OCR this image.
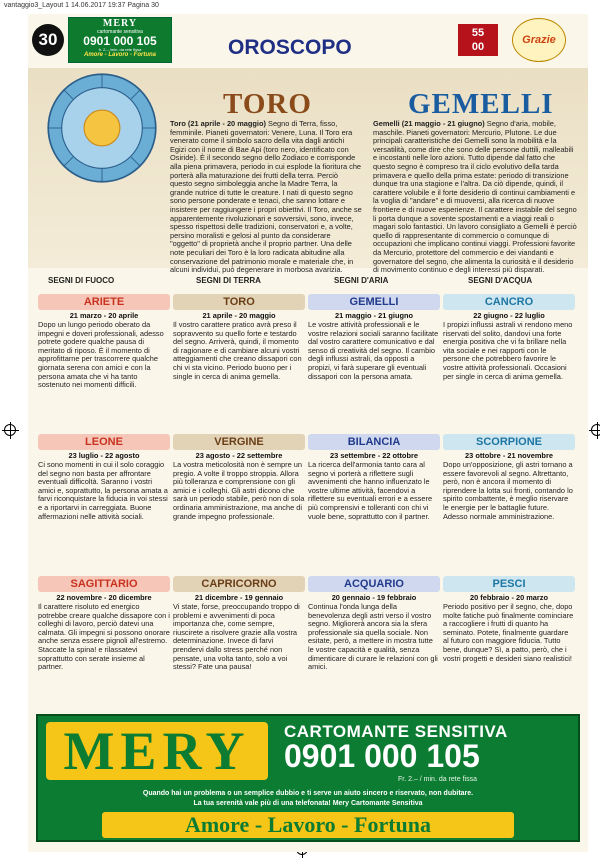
vantaggio3_Layout 1 14.06.2017 19:37 Pagina 30
30
MERY
cartomante sensitiva
0901 000 105
fr. 2.– /min. da rete fissa
Amore - Lavoro - Fortuna	OROSCOPO
55
00
Grazie
TORO	GEMELLI
Toro (21 aprile - 20 maggio) Segno di Terra, fisso, femminile. Pianeti governatori: Venere, Luna. Il Toro era venerato come il simbolo sacro della vita dagli antichi Egizi con il nome di Bae Api (toro nero, identificato con Osiride). È il secondo segno dello Zodiaco e corrisponde alla piena primavera, periodo in cui esplode la fioritura che porterà alla maturazione dei frutti della terra. Perciò questo segno simboleggia anche la Madre Terra, la grande nutrice di tutte le creature. I nati di questo segno sono persone ponderate e tenaci, che sanno lottare e insistere per raggiungere i propri obiettivi. Il Toro, anche se apparentemente rivoluzionari e sovversivi, sono, invece, spesso rispettosi delle tradizioni, conservatori e, a volte, persino moralisti e gelosi al punto da considerare "oggetto" di proprietà anche il proprio partner. Una delle note peculiari dei Toro è la loro radicata abitudine alla conservazione del patrimonio morale e materiale che, in alcuni individui, può degenerare in morbosa avarizia.
Gemelli (21 maggio - 21 giugno) Segno d'aria, mobile, maschile. Pianeti governatori: Mercurio, Plutone. Le due principali caratteristiche dei Gemelli sono la mobilità e la versatilità, come dire che sono delle persone duttili, malleabili e incostanti nelle loro azioni. Tutto dipende dal fatto che questo segno è compreso tra il ciclo evolutivo della tarda primavera e quello della prima estate: periodo di transizione dunque tra una stagione e l'altra. Da ciò dipende, quindi, il carattere volubile e il forte desiderio di continui cambiamenti e la voglia di "andare" e di muoversi, alla ricerca di nuove frontiere e di nuove esperienze. Il carattere instabile del segno li porta dunque a sovente spostamenti e a viaggi reali o magari solo fantastici. Un lavoro consigliato a Gemelli è perciò quello di rappresentante di commercio o comunque di occupazioni che implicano continui viaggi. Professioni favorite da Mercurio, protettore del commercio e dei viandanti e governatore del segno, che alimenta la curiosità e il desiderio di movimento continuo e degli interessi più disparati.
SEGNI DI FUOCO	SEGNI DI TERRA	SEGNI D'ARIA	SEGNI D'ACQUA
ARIETE
21 marzo - 20 aprile
Dopo un lungo periodo oberato da impegni e doveri professionali, adesso potrete godere qualche pausa di meritato di riposo. È il momento di approfittarne per trascorrere qualche giornata serena con amici e con la persona amata che vi ha tanto sostenuto nei momenti difficili.
TORO
21 aprile - 20 maggio
Il vostro carattere pratico avrà preso il sopravvento su quello forte e testardo del segno. Arriverà, quindi, il momento di ragionare e di cambiare alcuni vostri atteggiamenti che creano dissapori con chi vi sta vicino. Periodo buono per i single in cerca di anima gemella.
GEMELLI
21 maggio - 21 giugno
Le vostre attività professionali e le vostre relazioni sociali saranno facilitate dal vostro carattere comunicativo e dal senso di creatività del segno. Il cambio degli influssi astrali, da opposti a propizi, vi farà superare gli eventuali dissapori con la persona amata.
CANCRO
22 giugno - 22 luglio
I propizi influssi astrali vi rendono meno riservati del solito, dandovi una forte energia positiva che vi fa brillare nella vita sociale e nei rapporti con le persone che potrebbero favorire le vostre attività professionali. Occasioni per single in cerca di anima gemella.
LEONE
23 luglio - 22 agosto
Ci sono momenti in cui il solo coraggio del segno non basta per affrontare eventuali difficoltà. Saranno i vostri amici e, soprattutto, la persona amata a farvi riconquistare la fiducia in voi stessi e a riportarvi in carreggiata. Buone affermazioni nelle attività sociali.
VERGINE
23 agosto - 22 settembre
La vostra meticolosità non è sempre un pregio. A volte il troppo stroppia. Allora più tolleranza e comprensione con gli amici e i colleghi. Gli astri dicono che sarà un periodo stabile, però non di sola ordinaria amministrazione, ma anche di grande impegno professionale.
BILANCIA
23 settembre - 22 ottobre
La ricerca dell'armonia tanto cara al segno vi porterà a riflettere sugli avvenimenti che hanno influenzato le vostre ultime attività, facendovi a riflettere su eventuali errori e a essere più comprensivi e tolleranti con chi vi vuole bene, soprattutto con il partner.
SCORPIONE
23 ottobre - 21 novembre
Dopo un'opposizione, gli astri tornano a essere favorevoli al segno. Altrettanto, però, non è ancora il momento di riprendere la lotta sui fronti, contando lo spirito combattente, è meglio riservare le energie per le battaglie future. Adesso normale amministrazione.
SAGITTARIO
22 novembre - 20 dicembre
Il carattere risoluto ed energico potrebbe creare qualche dissapore con i colleghi di lavoro, perciò datevi una calmata. Gli impegni si possono onorare anche senza essere pignoli all'estremo. Staccate la spina! e rilassatevi soprattutto con serate insieme al partner.
CAPRICORNO
21 dicembre - 19 gennaio
Vi state, forse, preoccupando troppo di problemi e avvenimenti di poca importanza che, come sempre, riuscirete a risolvere grazie alla vostra determinazione. Invece di farvi prendervi dallo stress perché non pensate, una volta tanto, solo a voi stessi? Fate una pausa!
ACQUARIO
20 gennaio - 19 febbraio
Continua l'onda lunga della benevolenza degli astri verso il vostro segno. Migliorerà ancora sia la sfera professionale sia quella sociale. Non esitate, però, a mettere in mostra tutte le vostre capacità e qualità, senza dimenticare di curare le relazioni con gli amici.
PESCI
20 febbraio - 20 marzo
Periodo positivo per il segno, che, dopo molte fatiche può finalmente cominciare a raccogliere i frutti di quanto ha seminato. Potete, finalmente guardare al futuro con maggiore fiducia. Tutto bene, dunque? Sì, a patto, però, che i vostri progetti e desideri siano realistici!
MERY	CARTOMANTE SENSITIVA
0901 000 105
Fr. 2.– / min. da rete fissa
Quando hai un problema o un semplice dubbio e ti serve un aiuto sincero e riservato, non dubitare.
La tua serenità vale più di una telefonata! Mery Cartomante Sensitiva
Amore - Lavoro - Fortuna
